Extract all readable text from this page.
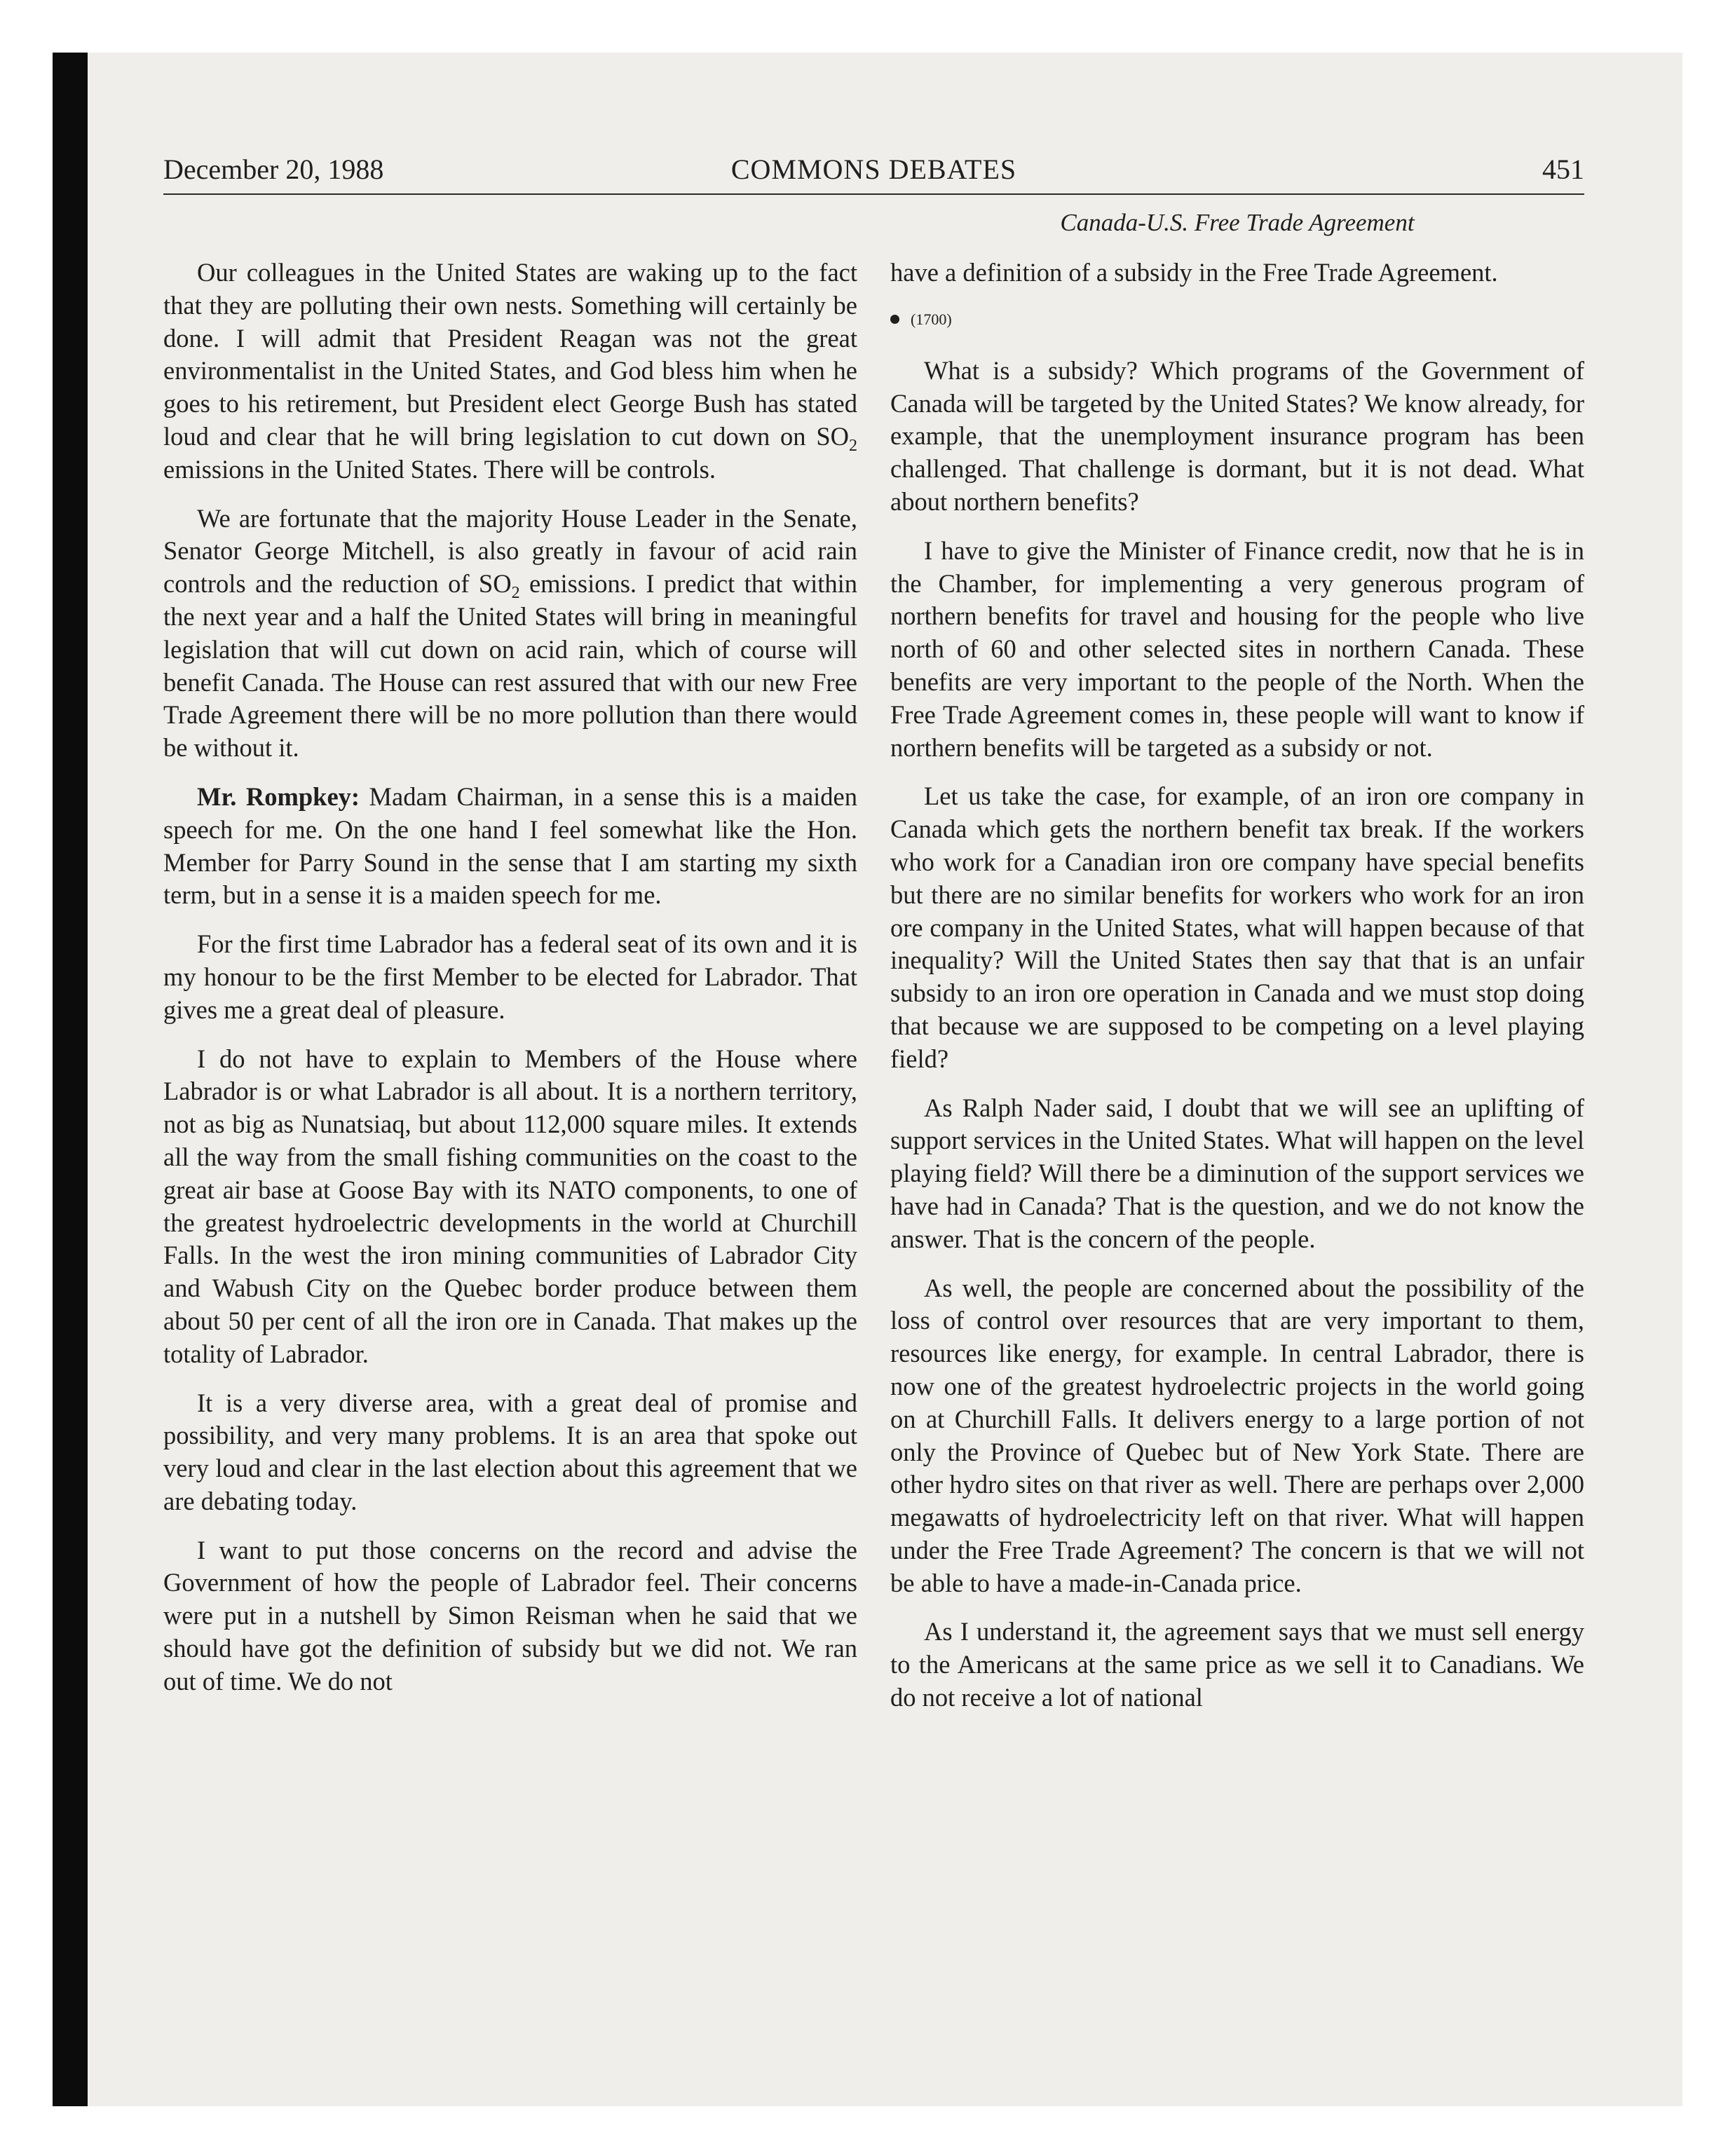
COMMONS DEBATES
December 20, 1988	451
Canada-U.S. Free Trade Agreement

Our colleagues in the United States are waking up to the fact that they are polluting their own nests. Something will certainly be done. I will admit that President Reagan was not the great environmentalist in the United States, and God bless him when he goes to his retirement, but President elect George Bush has stated loud and clear that he will bring legislation to cut down on $SO_2$ emissions in the United States. There will be controls.

We are fortunate that the majority House Leader in the Senate, Senator George Mitchell, is also greatly in favour of acid rain controls and the reduction of $SO_2$ emissions. I predict that within the next year and a half the United States will bring in meaningful legislation that will cut down on acid rain, which of course will benefit Canada. The House can rest assured that with our new Free Trade Agreement there will be no more pollution than there would be without it.

Mr. Rompkey: Madam Chairman, in a sense this is a maiden speech for me. On the one hand I feel somewhat like the Hon. Member for Parry Sound in the sense that I am starting my sixth term, but in a sense it is a maiden speech for me.

For the first time Labrador has a federal seat of its own and it is my honour to be the first Member to be elected for Labrador. That gives me a great deal of pleasure.

I do not have to explain to Members of the House where Labrador is or what Labrador is all about. It is a northern territory, not as big as Nunatsiaq, but about 112,000 square miles. It extends all the way from the small fishing communities on the coast to the great air base at Goose Bay with its NATO components, to one of the greatest hydroelectric developments in the world at Churchill Falls. In the west the iron mining communities of Labrador City and Wabush City on the Quebec border produce between them about 50 per cent of all the iron ore in Canada. That makes up the totality of Labrador.

It is a very diverse area, with a great deal of promise and possibility, and very many problems. It is an area that spoke out very loud and clear in the last election about this agreement that we are debating today.

I want to put those concerns on the record and advise the Government of how the people of Labrador feel. Their concerns were put in a nutshell by Simon Reisman when he said that we should have got the definition of subsidy but we did not. We ran out of time. We do not

have a definition of a subsidy in the Free Trade Agreement.

(1700)

What is a subsidy? Which programs of the Government of Canada will be targeted by the United States? We know already, for example, that the unemployment insurance program has been challenged. That challenge is dormant, but it is not dead. What about northern benefits?

I have to give the Minister of Finance credit, now that he is in the Chamber, for implementing a very generous program of northern benefits for travel and housing for the people who live north of 60 and other selected sites in northern Canada. These benefits are very important to the people of the North. When the Free Trade Agreement comes in, these people will want to know if northern benefits will be targeted as a subsidy or not.

Let us take the case, for example, of an iron ore company in Canada which gets the northern benefit tax break. If the workers who work for a Canadian iron ore company have special benefits but there are no similar benefits for workers who work for an iron ore company in the United States, what will happen because of that inequality? Will the United States then say that that is an unfair subsidy to an iron ore operation in Canada and we must stop doing that because we are supposed to be competing on a level playing field?

As Ralph Nader said, I doubt that we will see an uplifting of support services in the United States. What will happen on the level playing field? Will there be a diminution of the support services we have had in Canada? That is the question, and we do not know the answer. That is the concern of the people.

As well, the people are concerned about the possibility of the loss of control over resources that are very important to them, resources like energy, for example. In central Labrador, there is now one of the greatest hydroelectric projects in the world going on at Churchill Falls. It delivers energy to a large portion of not only the Province of Quebec but of New York State. There are other hydro sites on that river as well. There are perhaps over 2,000 megawatts of hydroelectricity left on that river. What will happen under the Free Trade Agreement? The concern is that we will not be able to have a made-in-Canada price.

As I understand it, the agreement says that we must sell energy to the Americans at the same price as we sell it to Canadians. We do not receive a lot of national
